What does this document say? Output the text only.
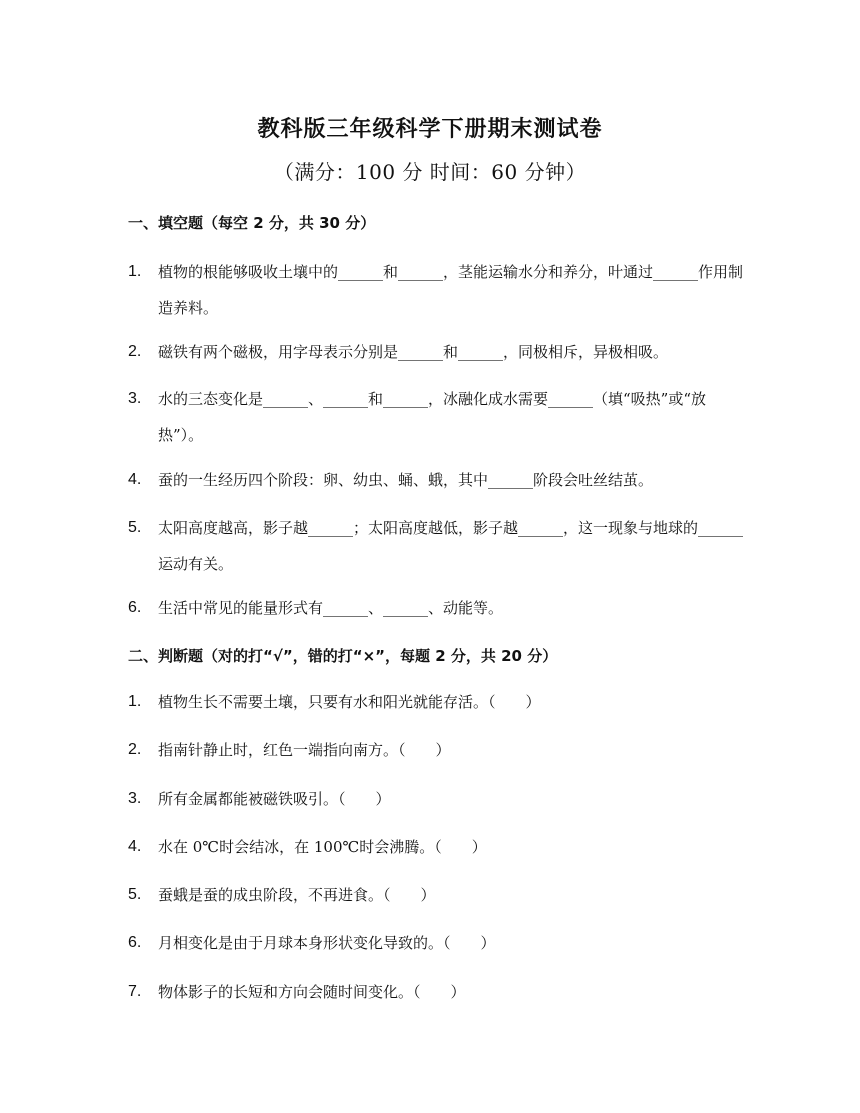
教科版三年级科学下册期末测试卷
（满分：100 分 时间：60 分钟）
一、填空题（每空 2 分，共 30 分）
1.	植物的根能够吸收土壤中的______和______，茎能运输水分和养分，叶通过______作用制造养料。
2.	磁铁有两个磁极，用字母表示分别是______和______，同极相斥，异极相吸。
3.	水的三态变化是______、______和______，冰融化成水需要______（填“吸热”或“放热”）。
4.	蚕的一生经历四个阶段：卵、幼虫、蛹、蛾，其中______阶段会吐丝结茧。
5.	太阳高度越高，影子越______；太阳高度越低，影子越______，这一现象与地球的______运动有关。
6.	生活中常见的能量形式有______、______、动能等。
二、判断题（对的打“√”，错的打“×”，每题 2 分，共 20 分）
1.	植物生长不需要土壤，只要有水和阳光就能存活。（　　）
2.	指南针静止时，红色一端指向南方。（　　）
3.	所有金属都能被磁铁吸引。（　　）
4.	水在 0℃时会结冰，在 100℃时会沸腾。（　　）
5.	蚕蛾是蚕的成虫阶段，不再进食。（　　）
6.	月相变化是由于月球本身形状变化导致的。（　　）
7.	物体影子的长短和方向会随时间变化。（　　）
